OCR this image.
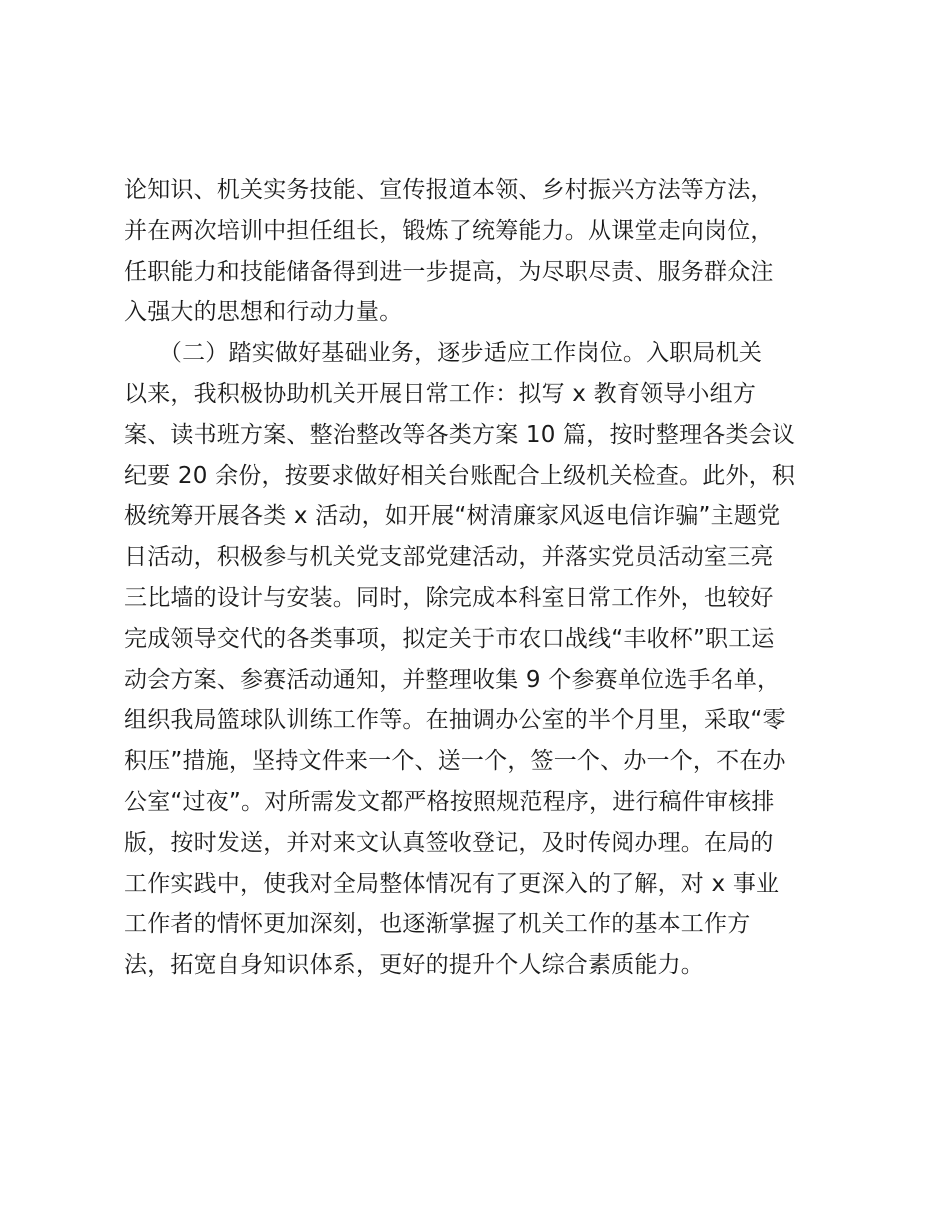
论知识、机关实务技能、宣传报道本领、乡村振兴方法等方法，
并在两次培训中担任组长，锻炼了统筹能力。从课堂走向岗位，
任职能力和技能储备得到进一步提高，为尽职尽责、服务群众注
入强大的思想和行动力量。
　　（二）踏实做好基础业务，逐步适应工作岗位。入职局机关
以来，我积极协助机关开展日常工作：拟写 x 教育领导小组方
案、读书班方案、整治整改等各类方案 10 篇，按时整理各类会议
纪要 20 余份，按要求做好相关台账配合上级机关检查。此外，积
极统筹开展各类 x 活动，如开展“树清廉家风返电信诈骗”主题党
日活动，积极参与机关党支部党建活动，并落实党员活动室三亮
三比墙的设计与安装。同时，除完成本科室日常工作外，也较好
完成领导交代的各类事项，拟定关于市农口战线“丰收杯”职工运
动会方案、参赛活动通知，并整理收集 9 个参赛单位选手名单，
组织我局篮球队训练工作等。在抽调办公室的半个月里，采取“零
积压”措施，坚持文件来一个、送一个，签一个、办一个，不在办
公室“过夜”。对所需发文都严格按照规范程序，进行稿件审核排
版，按时发送，并对来文认真签收登记，及时传阅办理。在局的
工作实践中，使我对全局整体情况有了更深入的了解，对 x 事业
工作者的情怀更加深刻，也逐渐掌握了机关工作的基本工作方
法，拓宽自身知识体系，更好的提升个人综合素质能力。
